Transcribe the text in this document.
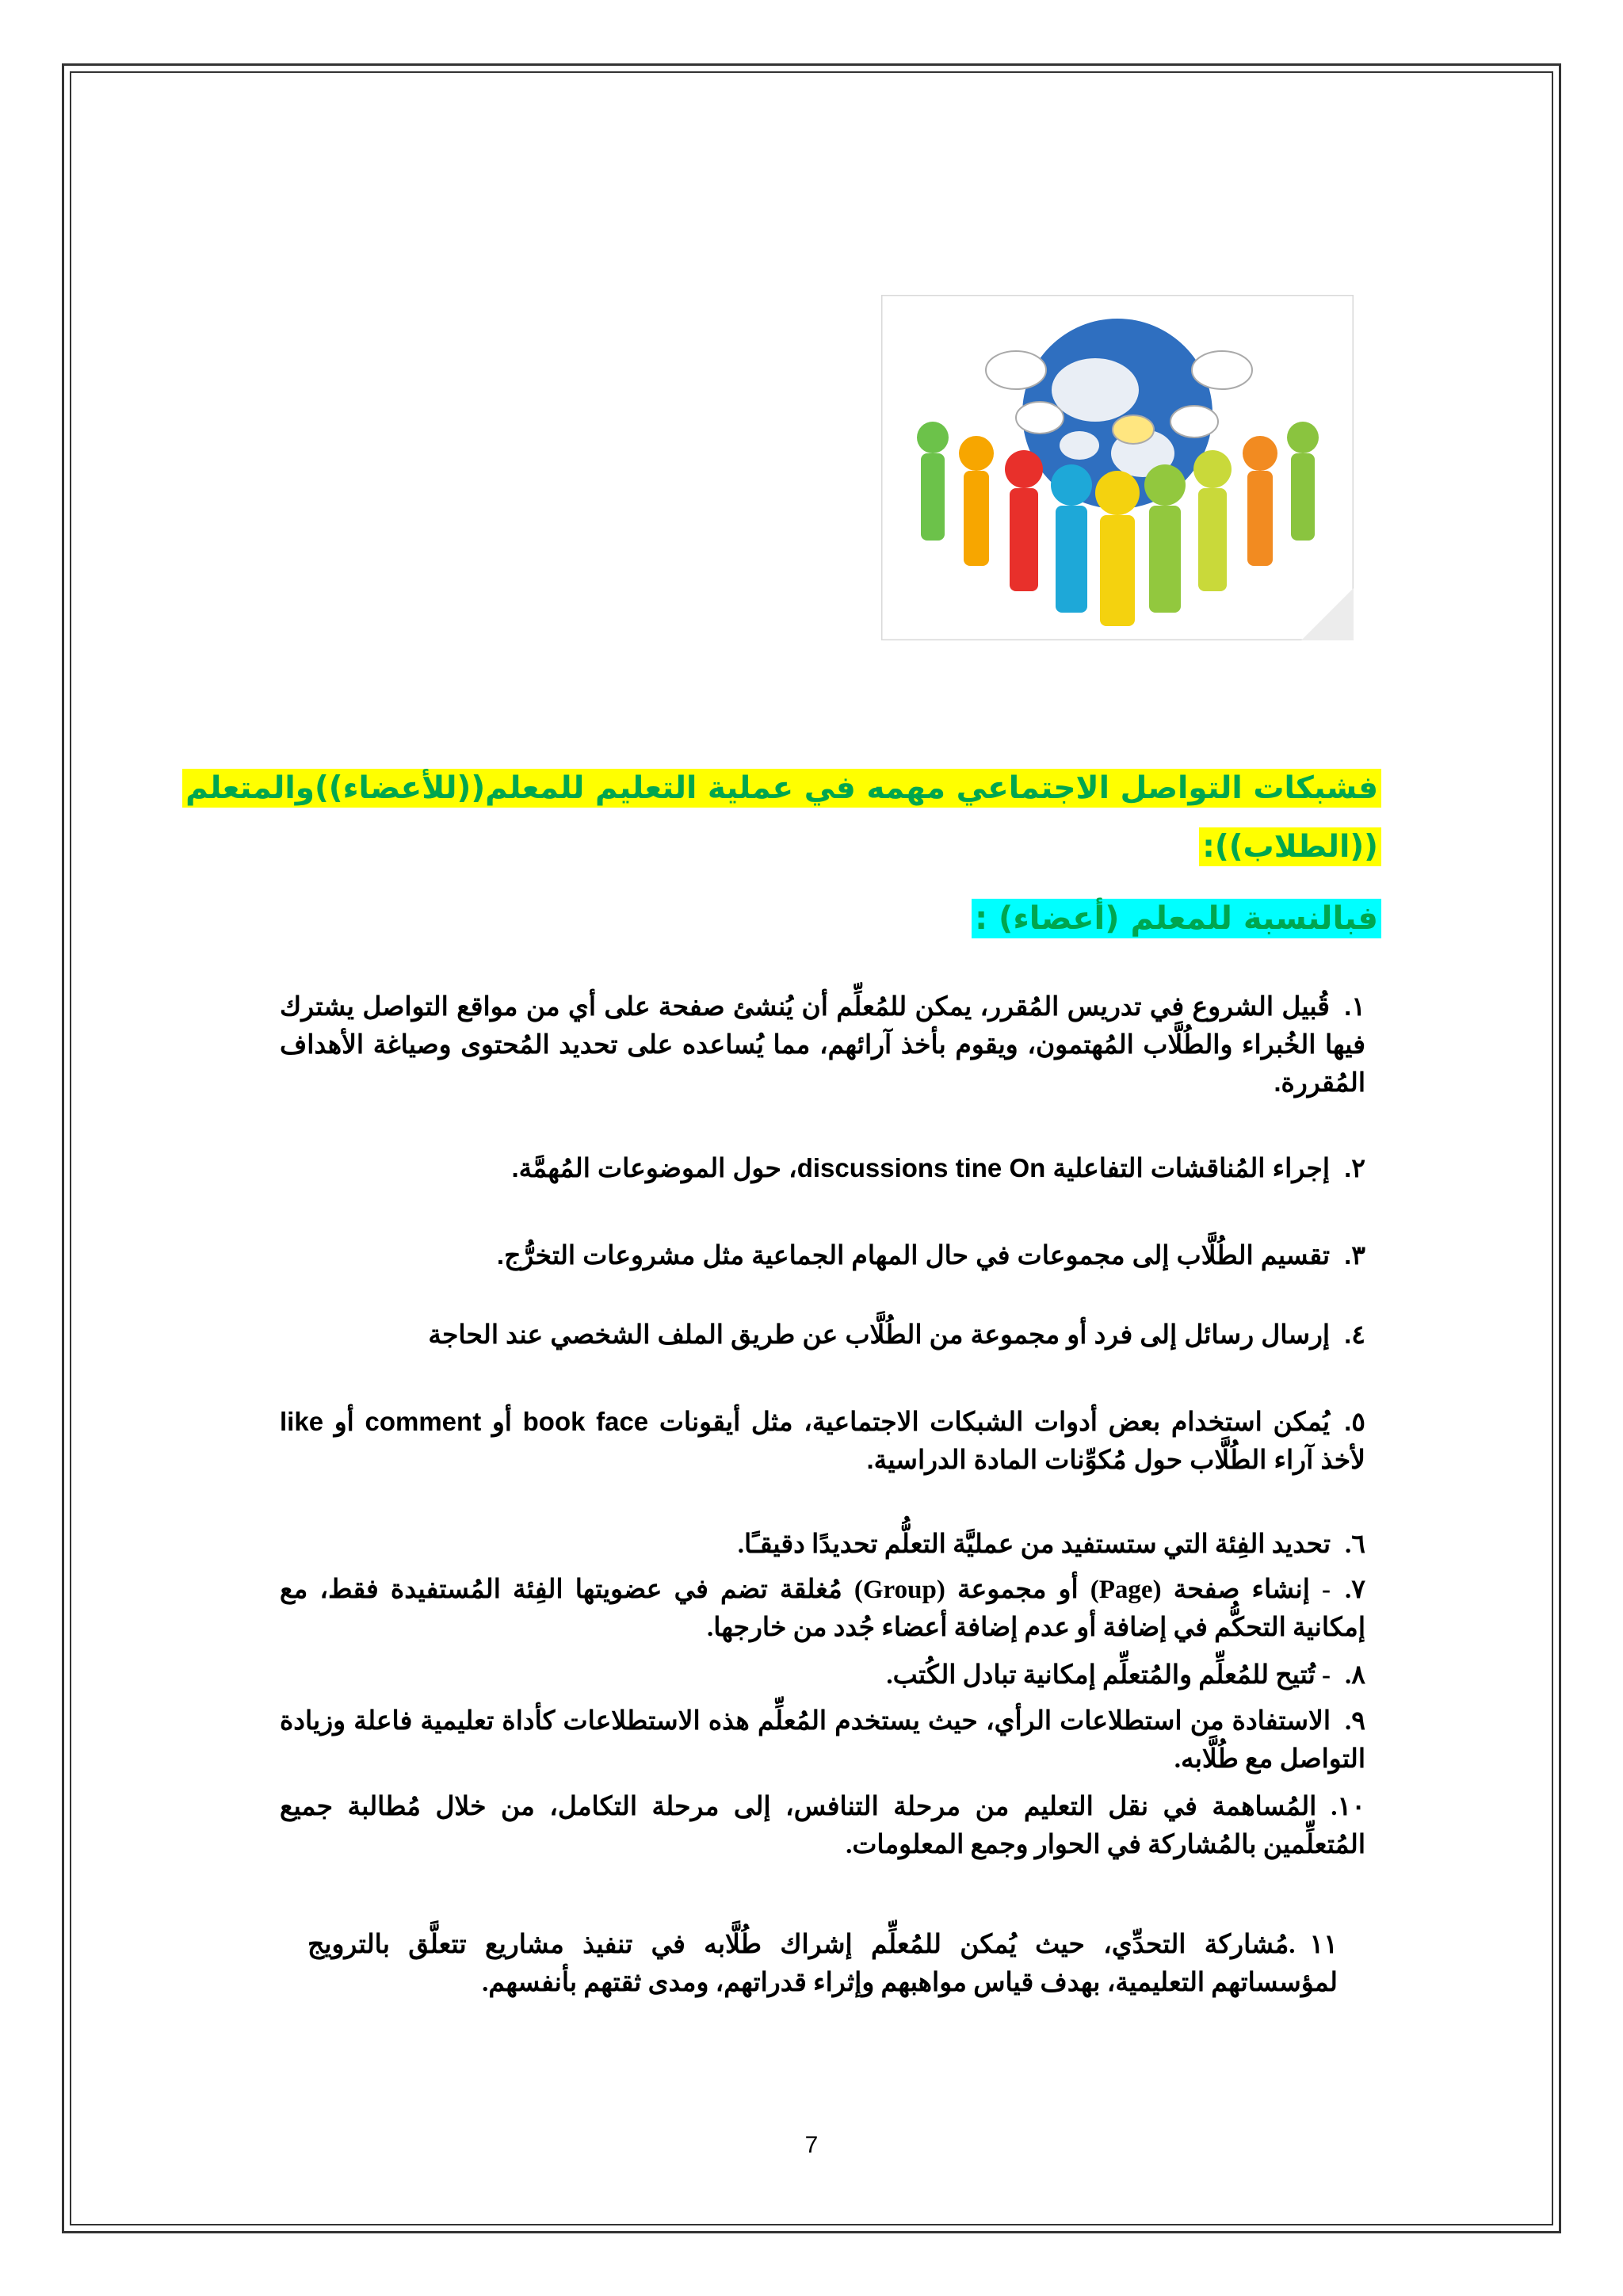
فشبكات التواصل الاجتماعي مهمه في عملية التعليم للمعلم((للأعضاء))والمتعلم
((الطلاب)):
فبالنسبة للمعلم (أعضاء) :
١.قُبيل الشروع في تدريس المُقرر، يمكن للمُعلِّم أن يُنشئ صفحة على أي من مواقع التواصل يشترك فيها الخُبراء والطُلَّاب المُهتمون، ويقوم بأخذ آرائهم، مما يُساعده على تحديد المُحتوى وصياغة الأهداف المُقررة.
٢.إجراء المُناقشات التفاعلية discussions tine On، حول الموضوعات المُهمَّة.
٣.تقسيم الطُلَّاب إلى مجموعات في حال المهام الجماعية مثل مشروعات التخرُّج.
٤.إرسال رسائل إلى فرد أو مجموعة من الطُلَّاب عن طريق الملف الشخصي عند الحاجة
٥.يُمكن استخدام بعض أدوات الشبكات الاجتماعية، مثل أيقونات book face أو comment أو like لأخذ آراء الطُلَّاب حول مُكوِّنات المادة الدراسية.
٦.تحديد الفِئة التي ستستفيد من عمليَّة التعلُّم تحديدًا دقيقـًا.
٧.- إنشاء صفحة (Page) أو مجموعة (Group) مُغلقة تضم في عضويتها الفِئة المُستفيدة فقط، مع إمكانية التحكُّم في إضافة أو عدم إضافة أعضاء جُدد من خارجها.
٨.- تُتيح للمُعلِّم والمُتعلِّم إمكانية تبادل الكُتب.
٩.الاستفادة من استطلاعات الرأي، حيث يستخدم المُعلِّم هذه الاستطلاعات كأداة تعليمية فاعلة وزيادة التواصل مع طُلَّابه.
١٠.المُساهمة في نقل التعليم من مرحلة التنافس، إلى مرحلة التكامل، من خلال مُطالبة جميع المُتعلِّمين بالمُشاركة في الحوار وجمع المعلومات.
١١.مُشاركة التحدِّي، حيث يُمكن للمُعلِّم إشراك طُلَّابه في تنفيذ مشاريع تتعلَّق بالترويج لمؤسساتهم التعليمية، بهدف قياس مواهبهم وإثراء قدراتهم، ومدى ثقتهم بأنفسهم.
7
